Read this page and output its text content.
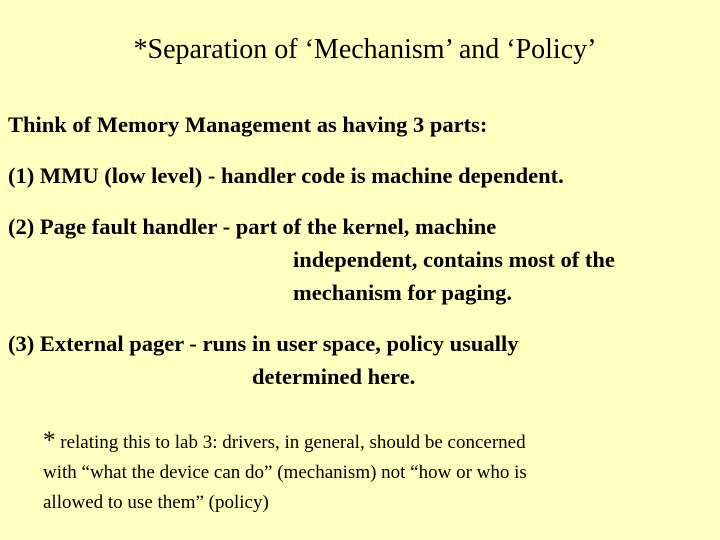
*Separation of ‘Mechanism’ and ‘Policy’
Think of Memory Management as having 3 parts:
(1) MMU (low level) - handler code is machine dependent.
(2) Page fault handler - part of the kernel, machine
independent, contains most of the
mechanism for paging.
(3) External pager - runs in user space, policy usually
determined here.
* relating this to lab 3: drivers, in general, should be concerned
with “what the device can do” (mechanism) not “how or who is
allowed to use them” (policy)
